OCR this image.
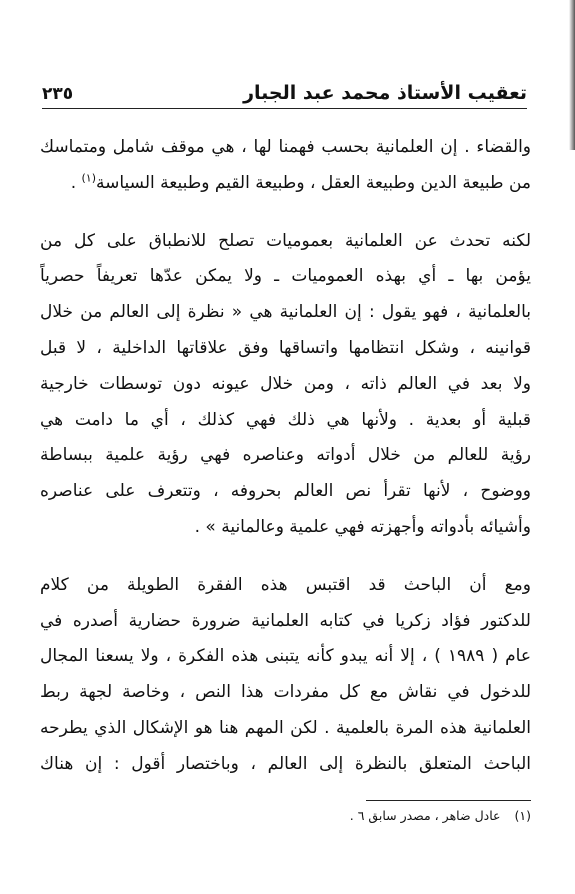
تعقيب الأستاذ محمد عبد الجبار
٢٣٥
والقضاء . إن العلمانية بحسب فهمنا لها ، هي موقف شامل ومتماسك
من طبيعة الدين وطبيعة العقل ، وطبيعة القيم وطبيعة السياسة$^{(١)}$ .
لكنه تحدث عن العلمانية بعموميات تصلح للانطباق على كل من
يؤمن بها ـ أي بهذه العموميات ـ ولا يمكن عدّها تعريفاً حصرياً
بالعلمانية ، فهو يقول : إن العلمانية هي « نظرة إلى العالم من خلال
قوانينه ، وشكل انتظامها واتساقها وفق علاقاتها الداخلية ، لا قبل
ولا بعد في العالم ذاته ، ومن خلال عيونه دون توسطات خارجية
قبلية أو بعدية . ولأنها هي ذلك فهي كذلك ، أي ما دامت هي
رؤية للعالم من خلال أدواته وعناصره فهي رؤية علمية ببساطة
ووضوح ، لأنها تقرأ نص العالم بحروفه ، وتتعرف على عناصره
وأشيائه بأدواته وأجهزته فهي علمية وعالمانية » .
ومع أن الباحث قد اقتبس هذه الفقرة الطويلة من كلام
للدكتور فؤاد زكريا في كتابه العلمانية ضرورة حضارية أصدره في
عام ( ١٩٨٩ ) ، إلا أنه يبدو كأنه يتبنى هذه الفكرة ، ولا يسعنا المجال
للدخول في نقاش مع كل مفردات هذا النص ، وخاصة لجهة ربط
العلمانية هذه المرة بالعلمية . لكن المهم هنا هو الإشكال الذي يطرحه
الباحث المتعلق بالنظرة إلى العالم ، وباختصار أقول : إن هناك
(١)عادل ضاهر ، مصدر سابق ٦ .
